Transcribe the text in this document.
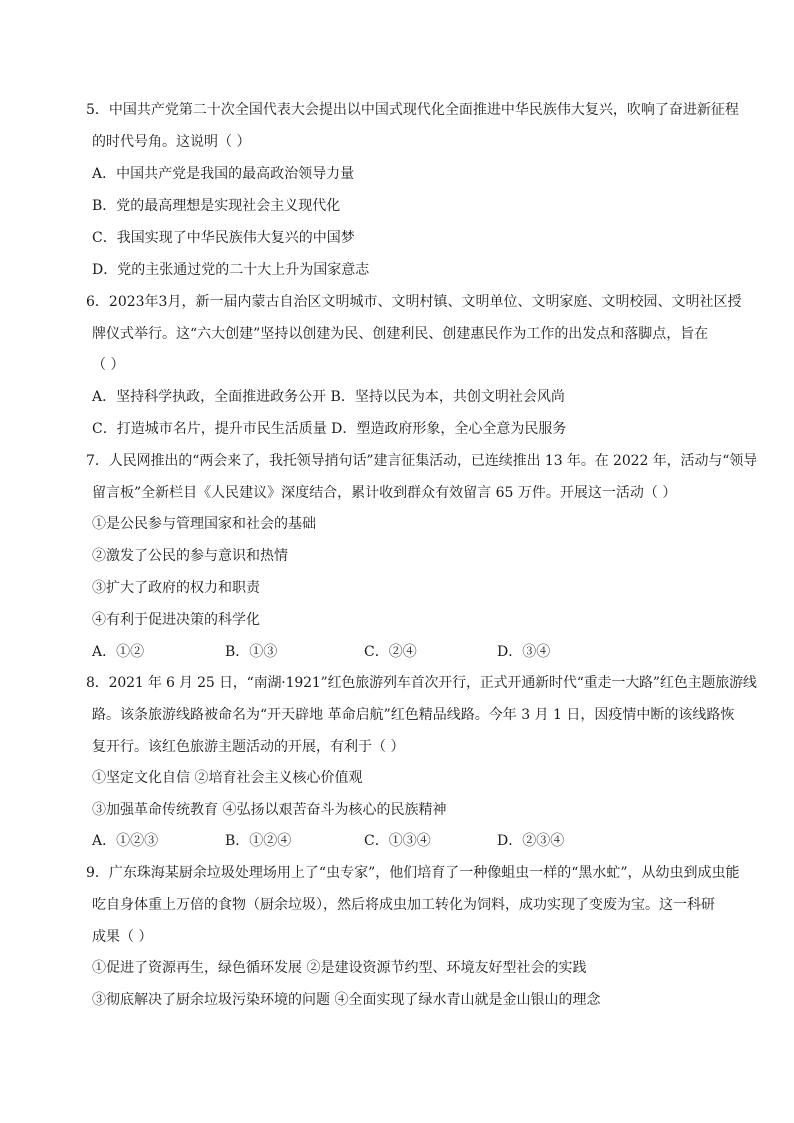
5．中国共产党第二十次全国代表大会提出以中国式现代化全面推进中华民族伟大复兴，吹响了奋进新征程
的时代号角。这说明（ ）
A．中国共产党是我国的最高政治领导力量
B．党的最高理想是实现社会主义现代化
C．我国实现了中华民族伟大复兴的中国梦
D．党的主张通过党的二十大上升为国家意志
6．2023年3月，新一届内蒙古自治区文明城市、文明村镇、文明单位、文明家庭、文明校园、文明社区授
牌仪式举行。这“六大创建”坚持以创建为民、创建利民、创建惠民作为工作的出发点和落脚点，旨在
（ ）
A．坚持科学执政，全面推进政务公开 B．坚持以民为本，共创文明社会风尚
C．打造城市名片，提升市民生活质量 D．塑造政府形象，全心全意为民服务
7．人民网推出的“两会来了，我托领导捎句话”建言征集活动，已连续推出 13 年。在 2022 年，活动与“领导
留言板”全新栏目《人民建议》深度结合，累计收到群众有效留言 65 万件。开展这一活动（ ）
①是公民参与管理国家和社会的基础
②激发了公民的参与意识和热情
③扩大了政府的权力和职责
④有利于促进决策的科学化
A．①②	B．①③	C．②④	D．③④
8．2021 年 6 月 25 日，“南湖·1921”红色旅游列车首次开行，正式开通新时代“重走一大路”红色主题旅游线
路。该条旅游线路被命名为“开天辟地 革命启航”红色精品线路。今年 3 月 1 日，因疫情中断的该线路恢
复开行。该红色旅游主题活动的开展，有利于（ ）
①坚定文化自信 ②培育社会主义核心价值观
③加强革命传统教育 ④弘扬以艰苦奋斗为核心的民族精神
A．①②③	B．①②④	C．①③④	D．②③④
9．广东珠海某厨余垃圾处理场用上了“虫专家”，他们培育了一种像蛆虫一样的“黑水虻”，从幼虫到成虫能
吃自身体重上万倍的食物（厨余垃圾），然后将成虫加工转化为饲料，成功实现了变废为宝。这一科研
成果（ ）
①促进了资源再生，绿色循环发展 ②是建设资源节约型、环境友好型社会的实践
③彻底解决了厨余垃圾污染环境的问题 ④全面实现了绿水青山就是金山银山的理念
